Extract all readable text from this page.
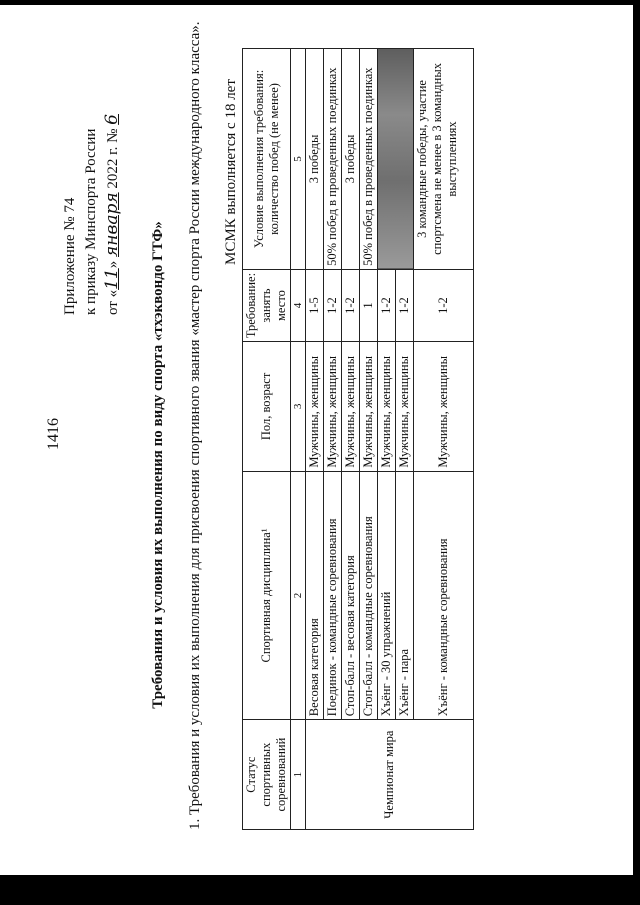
1416
Приложение № 74 к приказу Минспорта России от «11» января 2022 г. № 6
Требования и условия их выполнения по виду спорта «тхэквондо ГТФ» 1. Требования и условия их выполнения для присвоения спортивного звания «мастер спорта России международного класса». МСМК выполняется с 18 лет
Статус спортивных соревнований	Спортивная дисциплина¹	Пол, возраст	Требование: занять место	Условие выполнения требования: количество побед (не менее)
1	2	3	4	5
Чемпионат мира	Весовая категория	Мужчины, женщины	1-5	3 победы
	Поединок - командные соревнования	Мужчины, женщины	1-2	50% побед в проведенных поединках
	Стоп-балл - весовая категория	Мужчины, женщины	1-2	3 победы
	Стоп-балл - командные соревнования	Мужчины, женщины	1	50% побед в проведенных поединках
	Хъёнг - 30 упражнений	Мужчины, женщины	1-2	
	Хъёнг - пара	Мужчины, женщины	1-2	
	Хъёнг - командные соревнования	Мужчины, женщины	1-2	3 командные победы, участие спортсмена не менее в 3 командных выступлениях
